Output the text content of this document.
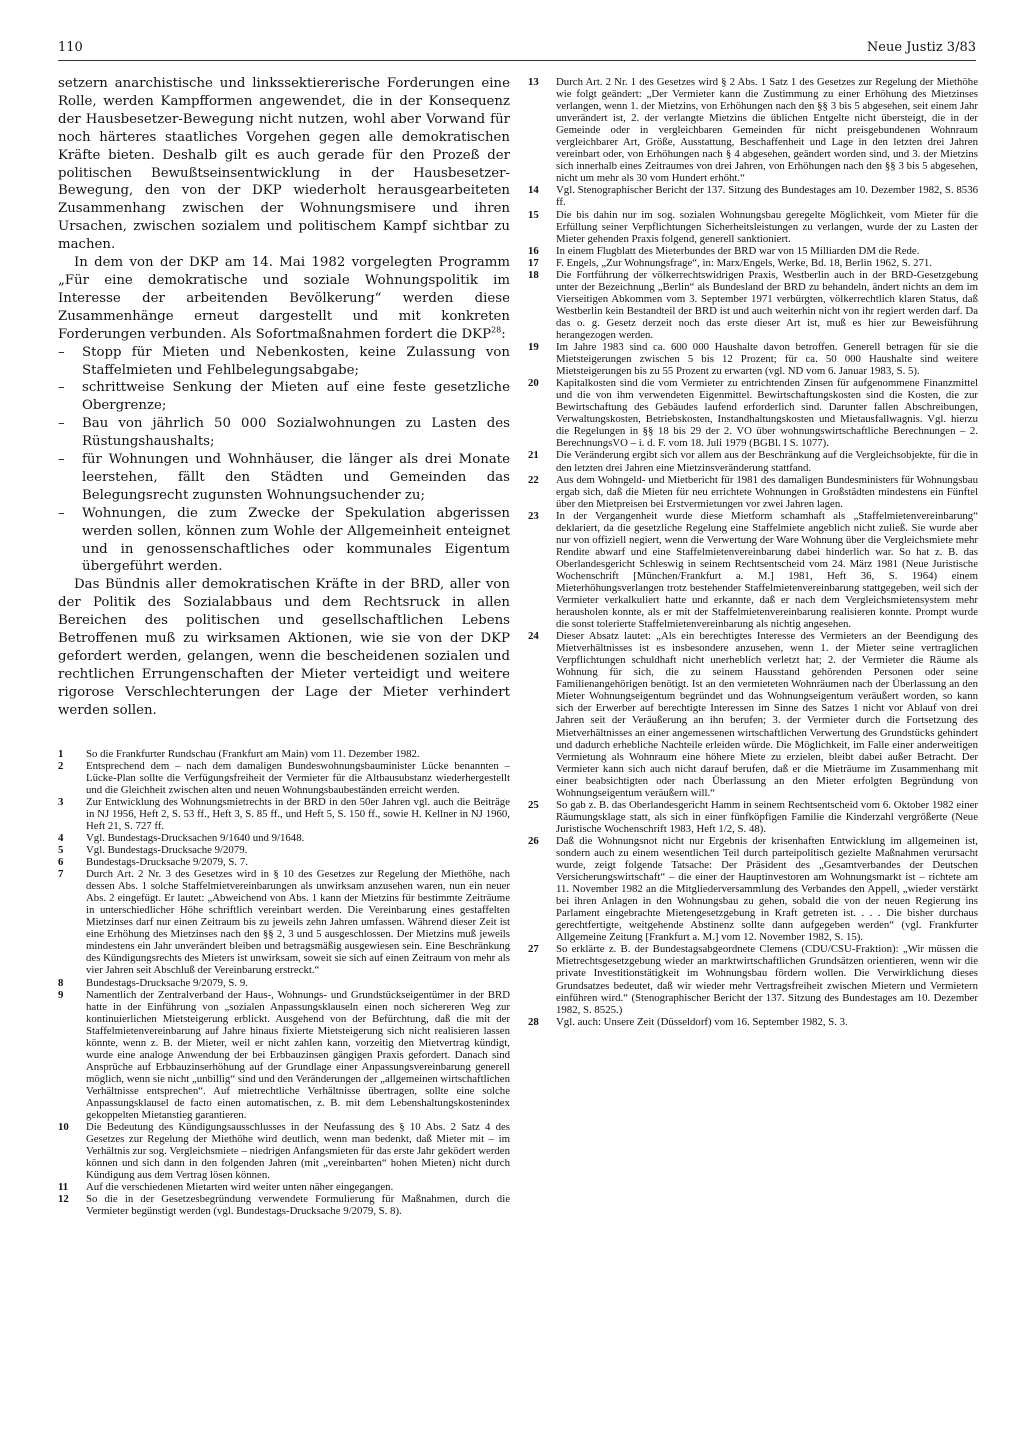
110	Neue Justiz 3/83

setzern anarchistische und linkssektiererische Forderungen eine Rolle, werden Kampfformen angewendet, die in der Konsequenz der Hausbesetzer-Bewegung nicht nutzen, wohl aber Vorwand für noch härteres staatliches Vorgehen gegen alle demokratischen Kräfte bieten. Deshalb gilt es auch gerade für den Prozeß der politischen Bewußtseinsentwicklung in der Hausbesetzer-Bewegung, den von der DKP wiederholt herausgearbeiteten Zusammenhang zwischen der Wohnungsmisere und ihren Ursachen, zwischen sozialem und politischem Kampf sichtbar zu machen.

In dem von der DKP am 14. Mai 1982 vorgelegten Programm „Für eine demokratische und soziale Wohnungspolitik im Interesse der arbeitenden Bevölkerung“ werden diese Zusammenhänge erneut dargestellt und mit konkreten Forderungen verbunden. Als Sofortmaßnahmen fordert die DKP$^{28}$:

– Stopp für Mieten und Nebenkosten, keine Zulassung von Staffelmieten und Fehlbelegungsabgabe;
– schrittweise Senkung der Mieten auf eine feste gesetzliche Obergrenze;
– Bau von jährlich 50 000 Sozialwohnungen zu Lasten des Rüstungshaushalts;
– für Wohnungen und Wohnhäuser, die länger als drei Monate leerstehen, fällt den Städten und Gemeinden das Belegungsrecht zugunsten Wohnungsuchender zu;
– Wohnungen, die zum Zwecke der Spekulation abgerissen werden sollen, können zum Wohle der Allgemeinheit enteignet und in genossenschaftliches oder kommunales Eigentum übergeführt werden.

Das Bündnis aller demokratischen Kräfte in der BRD, aller von der Politik des Sozialabbaus und dem Rechtsruck in allen Bereichen des politischen und gesellschaftlichen Lebens Betroffenen muß zu wirksamen Aktionen, wie sie von der DKP gefordert werden, gelangen, wenn die bescheidenen sozialen und rechtlichen Errungenschaften der Mieter verteidigt und weitere rigorose Verschlechterungen der Lage der Mieter verhindert werden sollen.

1	So die Frankfurter Rundschau (Frankfurt am Main) vom 11. Dezember 1982.
2	Entsprechend dem – nach dem damaligen Bundeswohnungsbauminister Lücke benannten – Lücke-Plan sollte die Verfügungsfreiheit der Vermieter für die Altbausubstanz wiederhergestellt und die Gleichheit zwischen alten und neuen Wohnungsbaubeständen erreicht werden.
3	Zur Entwicklung des Wohnungsmietrechts in der BRD in den 50er Jahren vgl. auch die Beiträge in NJ 1956, Heft 2, S. 53 ff., Heft 3, S. 85 ff., und Heft 5, S. 150 ff., sowie H. Kellner in NJ 1960, Heft 21, S. 727 ff.
4	Vgl. Bundestags-Drucksachen 9/1640 und 9/1648.
5	Vgl. Bundestags-Drucksache 9/2079.
6	Bundestags-Drucksache 9/2079, S. 7.
7	Durch Art. 2 Nr. 3 des Gesetzes wird in § 10 des Gesetzes zur Regelung der Miethöhe, nach dessen Abs. 1 solche Staffelmietvereinbarungen als unwirksam anzusehen waren, nun ein neuer Abs. 2 eingefügt. Er lautet: „Abweichend von Abs. 1 kann der Mietzins für bestimmte Zeiträume in unterschiedlicher Höhe schriftlich vereinbart werden. Die Vereinbarung eines gestaffelten Mietzinses darf nur einen Zeitraum bis zu jeweils zehn Jahren umfassen. Während dieser Zeit ist eine Erhöhung des Mietzinses nach den §§ 2, 3 und 5 ausgeschlossen. Der Mietzins muß jeweils mindestens ein Jahr unverändert bleiben und betragsmäßig ausgewiesen sein. Eine Beschränkung des Kündigungsrechts des Mieters ist unwirksam, soweit sie sich auf einen Zeitraum von mehr als vier Jahren seit Abschluß der Vereinbarung erstreckt.“
8	Bundestags-Drucksache 9/2079, S. 9.
9	Namentlich der Zentralverband der Haus-, Wohnungs- und Grundstückseigentümer in der BRD hatte in der Einführung von „sozialen Anpassungsklauseln einen noch sichereren Weg zur kontinuierlichen Mietsteigerung erblickt. Ausgehend von der Befürchtung, daß die mit der Staffelmietenvereinbarung auf Jahre hinaus fixierte Mietsteigerung sich nicht realisieren lassen könnte, wenn z. B. der Mieter, weil er nicht zahlen kann, vorzeitig den Mietvertrag kündigt, wurde eine analoge Anwendung der bei Erbbauzinsen gängigen Praxis gefordert. Danach sind Ansprüche auf Erbbauzinserhöhung auf der Grundlage einer Anpassungsvereinbarung generell möglich, wenn sie nicht „unbillig“ sind und den Veränderungen der „allgemeinen wirtschaftlichen Verhältnisse entsprechen“. Auf mietrechtliche Verhältnisse übertragen, sollte eine solche Anpassungsklausel de facto einen automatischen, z. B. mit dem Lebenshaltungskostenindex gekoppelten Mietanstieg garantieren.
10	Die Bedeutung des Kündigungsausschlusses in der Neufassung des § 10 Abs. 2 Satz 4 des Gesetzes zur Regelung der Miethöhe wird deutlich, wenn man bedenkt, daß Mieter mit – im Verhältnis zur sog. Vergleichsmiete – niedrigen Anfangsmieten für das erste Jahr geködert werden können und sich dann in den folgenden Jahren (mit „vereinbarten“ hohen Mieten) nicht durch Kündigung aus dem Vertrag lösen können.
11	Auf die verschiedenen Mietarten wird weiter unten näher eingegangen.
12	So die in der Gesetzesbegründung verwendete Formulierung für Maßnahmen, durch die Vermieter begünstigt werden (vgl. Bundestags-Drucksache 9/2079, S. 8).
13	Durch Art. 2 Nr. 1 des Gesetzes wird § 2 Abs. 1 Satz 1 des Gesetzes zur Regelung der Miethöhe wie folgt geändert: „Der Vermieter kann die Zustimmung zu einer Erhöhung des Mietzinses verlangen, wenn 1. der Mietzins, von Erhöhungen nach den §§ 3 bis 5 abgesehen, seit einem Jahr unverändert ist, 2. der verlangte Mietzins die üblichen Entgelte nicht übersteigt, die in der Gemeinde oder in vergleichbaren Gemeinden für nicht preisgebundenen Wohnraum vergleichbarer Art, Größe, Ausstattung, Beschaffenheit und Lage in den letzten drei Jahren vereinbart oder, von Erhöhungen nach § 4 abgesehen, geändert worden sind, und 3. der Mietzins sich innerhalb eines Zeitraumes von drei Jahren, von Erhöhungen nach den §§ 3 bis 5 abgesehen, nicht um mehr als 30 vom Hundert erhöht.“
14	Vgl. Stenographischer Bericht der 137. Sitzung des Bundestages am 10. Dezember 1982, S. 8536 ff.
15	Die bis dahin nur im sog. sozialen Wohnungsbau geregelte Möglichkeit, vom Mieter für die Erfüllung seiner Verpflichtungen Sicherheitsleistungen zu verlangen, wurde der zu Lasten der Mieter gehenden Praxis folgend, generell sanktioniert.
16	In einem Flugblatt des Mieterbundes der BRD war von 15 Milliarden DM die Rede.
17	F. Engels, „Zur Wohnungsfrage“, in: Marx/Engels, Werke, Bd. 18, Berlin 1962, S. 271.
18	Die Fortführung der völkerrechtswidrigen Praxis, Westberlin auch in der BRD-Gesetzgebung unter der Bezeichnung „Berlin“ als Bundesland der BRD zu behandeln, ändert nichts an dem im Vierseitigen Abkommen vom 3. September 1971 verbürgten, völkerrechtlich klaren Status, daß Westberlin kein Bestandteil der BRD ist und auch weiterhin nicht von ihr regiert werden darf. Da das o. g. Gesetz derzeit noch das erste dieser Art ist, muß es hier zur Beweisführung herangezogen werden.
19	Im Jahre 1983 sind ca. 600 000 Haushalte davon betroffen. Generell betragen für sie die Mietsteigerungen zwischen 5 bis 12 Prozent; für ca. 50 000 Haushalte sind weitere Mietsteigerungen bis zu 55 Prozent zu erwarten (vgl. ND vom 6. Januar 1983, S. 5).
20	Kapitalkosten sind die vom Vermieter zu entrichtenden Zinsen für aufgenommene Finanzmittel und die von ihm verwendeten Eigenmittel. Bewirtschaftungskosten sind die Kosten, die zur Bewirtschaftung des Gebäudes laufend erforderlich sind. Darunter fallen Abschreibungen, Verwaltungskosten, Betriebskosten, Instandhaltungskosten und Mietausfallwagnis. Vgl. hierzu die Regelungen in §§ 18 bis 29 der 2. VO über wohnungswirtschaftliche Berechnungen – 2. BerechnungsVO – i. d. F. vom 18. Juli 1979 (BGBl. I S. 1077).
21	Die Veränderung ergibt sich vor allem aus der Beschränkung auf die Vergleichsobjekte, für die in den letzten drei Jahren eine Mietzinsveränderung stattfand.
22	Aus dem Wohngeld- und Mietbericht für 1981 des damaligen Bundesministers für Wohnungsbau ergab sich, daß die Mieten für neu errichtete Wohnungen in Großstädten mindestens ein Fünftel über den Mietpreisen bei Erstvermietungen vor zwei Jahren lagen.
23	In der Vergangenheit wurde diese Mietform schamhaft als „Staffelmietenvereinbarung“ deklariert, da die gesetzliche Regelung eine Staffelmiete angeblich nicht zuließ. Sie wurde aber nur von offiziell negiert, wenn die Verwertung der Ware Wohnung über die Vergleichsmiete mehr Rendite abwarf und eine Staffelmietenvereinbarung dabei hinderlich war. So hat z. B. das Oberlandesgericht Schleswig in seinem Rechtsentscheid vom 24. März 1981 (Neue Juristische Wochenschrift [München/Frankfurt a. M.] 1981, Heft 36, S. 1964) einem Mieterhöhungsverlangen trotz bestehender Staffelmietenvereinbarung stattgegeben, weil sich der Vermieter verkalkuliert hatte und erkannte, daß er nach dem Vergleichsmietensystem mehr herausholen konnte, als er mit der Staffelmietenvereinbarung realisieren konnte. Prompt wurde die sonst tolerierte Staffelmietenvereinbarung als nichtig angesehen.
24	Dieser Absatz lautet: „Als ein berechtigtes Interesse des Vermieters an der Beendigung des Mietverhältnisses ist es insbesondere anzusehen, wenn 1. der Mieter seine vertraglichen Verpflichtungen schuldhaft nicht unerheblich verletzt hat; 2. der Vermieter die Räume als Wohnung für sich, die zu seinem Hausstand gehörenden Personen oder seine Familienangehörigen benötigt. Ist an den vermieteten Wohnräumen nach der Überlassung an den Mieter Wohnungseigentum begründet und das Wohnungseigentum veräußert worden, so kann sich der Erwerber auf berechtigte Interessen im Sinne des Satzes 1 nicht vor Ablauf von drei Jahren seit der Veräußerung an ihn berufen; 3. der Vermieter durch die Fortsetzung des Mietverhältnisses an einer angemessenen wirtschaftlichen Verwertung des Grundstücks gehindert und dadurch erhebliche Nachteile erleiden würde. Die Möglichkeit, im Falle einer anderweitigen Vermietung als Wohnraum eine höhere Miete zu erzielen, bleibt dabei außer Betracht. Der Vermieter kann sich auch nicht darauf berufen, daß er die Mieträume im Zusammenhang mit einer beabsichtigten oder nach Überlassung an den Mieter erfolgten Begründung von Wohnungseigentum veräußern will.“
25	So gab z. B. das Oberlandesgericht Hamm in seinem Rechtsentscheid vom 6. Oktober 1982 einer Räumungsklage statt, als sich in einer fünfköpfigen Familie die Kinderzahl vergrößerte (Neue Juristische Wochenschrift 1983, Heft 1/2, S. 48).
26	Daß die Wohnungsnot nicht nur Ergebnis der krisenhaften Entwicklung im allgemeinen ist, sondern auch zu einem wesentlichen Teil durch parteipolitisch gezielte Maßnahmen verursacht wurde, zeigt folgende Tatsache: Der Präsident des „Gesamtverbandes der Deutschen Versicherungswirtschaft“ – die einer der Hauptinvestoren am Wohnungsmarkt ist – richtete am 11. November 1982 an die Mitgliederversammlung des Verbandes den Appell, „wieder verstärkt bei ihren Anlagen in den Wohnungsbau zu gehen, sobald die von der neuen Regierung ins Parlament eingebrachte Mietengesetzgebung in Kraft getreten ist. . . . Die bisher durchaus gerechtfertigte, weitgehende Abstinenz sollte dann aufgegeben werden“ (vgl. Frankfurter Allgemeine Zeitung [Frankfurt a. M.] vom 12. November 1982, S. 15).
27	So erklärte z. B. der Bundestagsabgeordnete Clemens (CDU/CSU-Fraktion): „Wir müssen die Mietrechtsgesetzgebung wieder an marktwirtschaftlichen Grundsätzen orientieren, wenn wir die private Investitionstätigkeit im Wohnungsbau fördern wollen. Die Verwirklichung dieses Grundsatzes bedeutet, daß wir wieder mehr Vertragsfreiheit zwischen Mietern und Vermietern einführen wird.“ (Stenographischer Bericht der 137. Sitzung des Bundestages am 10. Dezember 1982, S. 8525.)
28	Vgl. auch: Unsere Zeit (Düsseldorf) vom 16. September 1982, S. 3.
